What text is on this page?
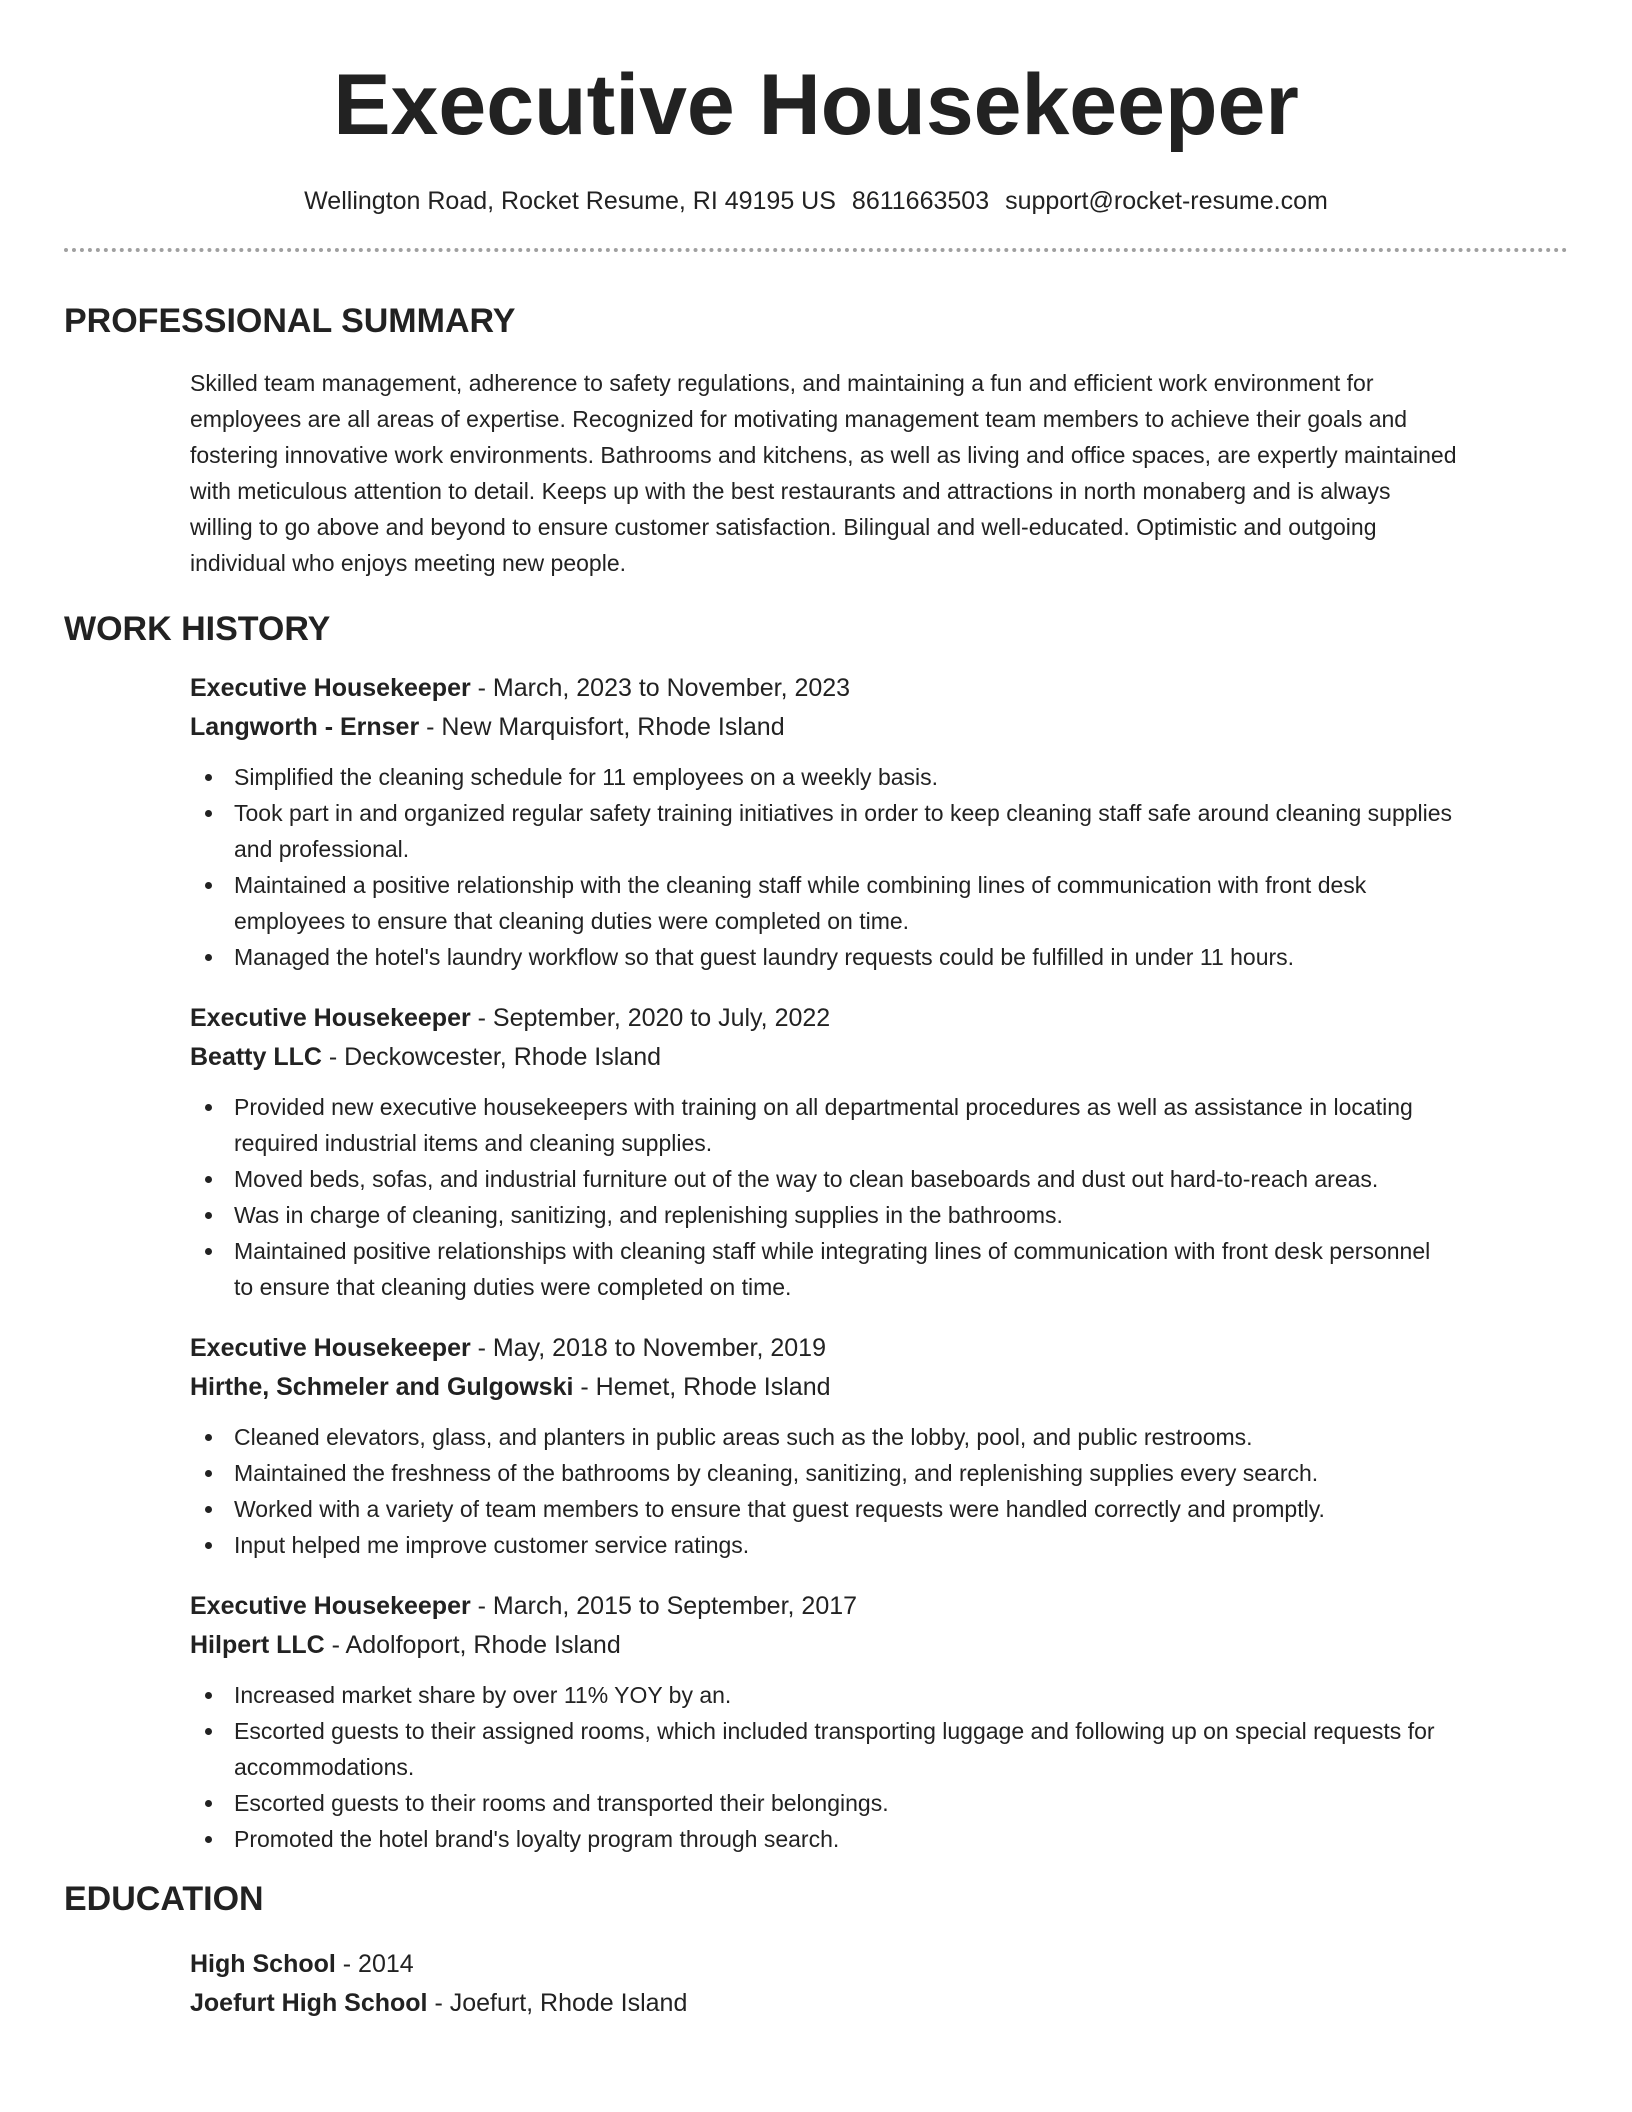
Executive Housekeeper
Wellington Road, Rocket Resume, RI 49195 US 8611663503 support@rocket-resume.com
PROFESSIONAL SUMMARY
Skilled team management, adherence to safety regulations, and maintaining a fun and efficient work environment for
employees are all areas of expertise. Recognized for motivating management team members to achieve their goals and
fostering innovative work environments. Bathrooms and kitchens, as well as living and office spaces, are expertly maintained
with meticulous attention to detail. Keeps up with the best restaurants and attractions in north monaberg and is always
willing to go above and beyond to ensure customer satisfaction. Bilingual and well-educated. Optimistic and outgoing
individual who enjoys meeting new people.
WORK HISTORY
Executive Housekeeper - March, 2023 to November, 2023
Langworth - Ernser - New Marquisfort, Rhode Island
Simplified the cleaning schedule for 11 employees on a weekly basis.
Took part in and organized regular safety training initiatives in order to keep cleaning staff safe around cleaning supplies
and professional.
Maintained a positive relationship with the cleaning staff while combining lines of communication with front desk
employees to ensure that cleaning duties were completed on time.
Managed the hotel's laundry workflow so that guest laundry requests could be fulfilled in under 11 hours.
Executive Housekeeper - September, 2020 to July, 2022
Beatty LLC - Deckowcester, Rhode Island
Provided new executive housekeepers with training on all departmental procedures as well as assistance in locating
required industrial items and cleaning supplies.
Moved beds, sofas, and industrial furniture out of the way to clean baseboards and dust out hard-to-reach areas.
Was in charge of cleaning, sanitizing, and replenishing supplies in the bathrooms.
Maintained positive relationships with cleaning staff while integrating lines of communication with front desk personnel
to ensure that cleaning duties were completed on time.
Executive Housekeeper - May, 2018 to November, 2019
Hirthe, Schmeler and Gulgowski - Hemet, Rhode Island
Cleaned elevators, glass, and planters in public areas such as the lobby, pool, and public restrooms.
Maintained the freshness of the bathrooms by cleaning, sanitizing, and replenishing supplies every search.
Worked with a variety of team members to ensure that guest requests were handled correctly and promptly.
Input helped me improve customer service ratings.
Executive Housekeeper - March, 2015 to September, 2017
Hilpert LLC - Adolfoport, Rhode Island
Increased market share by over 11% YOY by an.
Escorted guests to their assigned rooms, which included transporting luggage and following up on special requests for
accommodations.
Escorted guests to their rooms and transported their belongings.
Promoted the hotel brand's loyalty program through search.
EDUCATION
High School - 2014
Joefurt High School - Joefurt, Rhode Island
